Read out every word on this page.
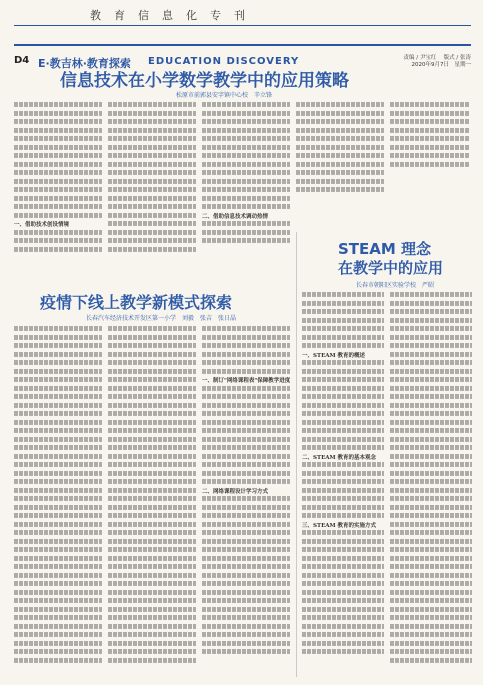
教育信息化专刊
D4 E·教吉林·教育探索 EDUCATION DISCOVERY	责编 / 尹宝红　 版式 / 张涛
2020年9月7日　星期一
信息技术在小学数学教学中的应用策略
松原市前郭县安字镇中心校　辛立锋
一、借助技术创设情境
二、借助信息技术调动热情
STEAM 理念
在教学中的应用
长春市朝阳区实验学校　严昭
一、STEAM 教育的概述
二、STEAM 教育的基本观念
三、STEAM 教育的实施方式
疫情下线上教学新模式探索
长春汽车经济技术开发区第一小学　刘毅　张吉　张日晶
一、制订"网络课程表"保障教学进度
二、网络课程设计学习方式
